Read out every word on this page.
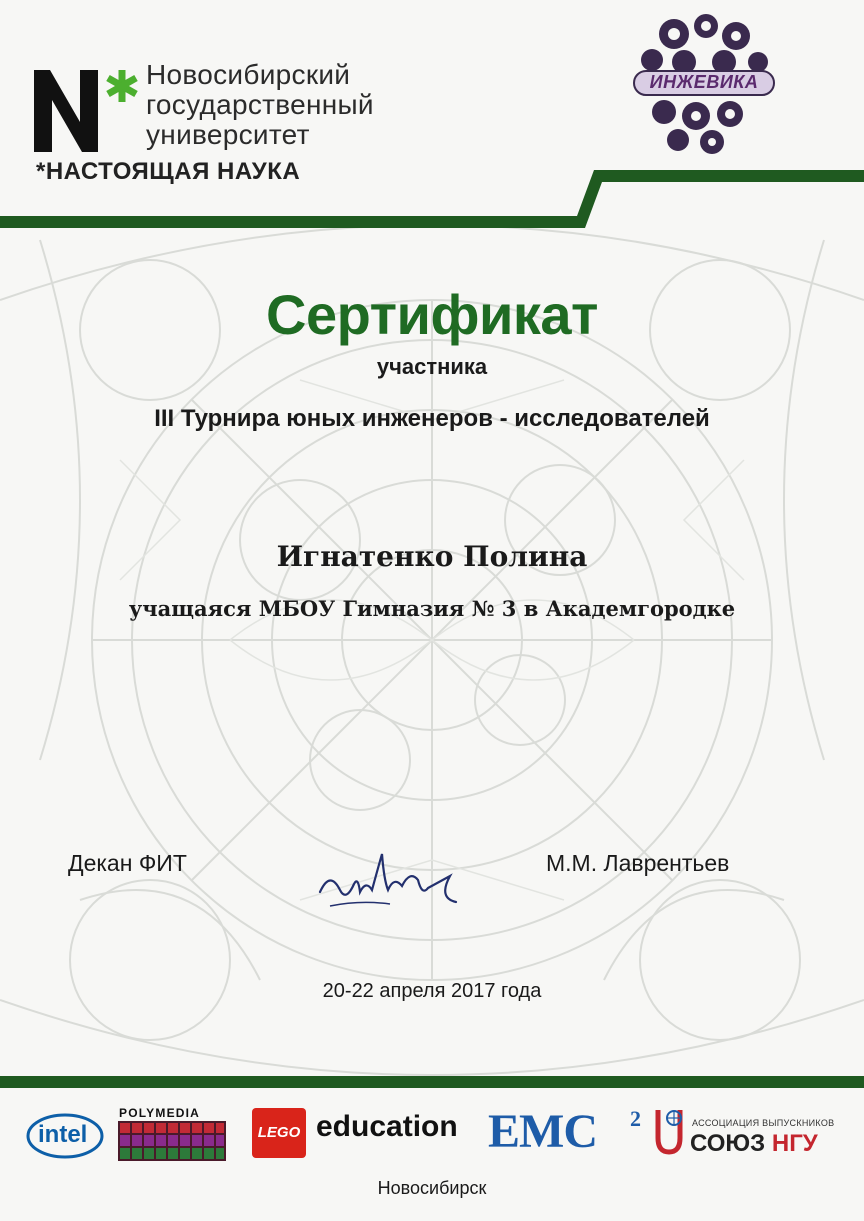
Новосибирский
государственный
университет
*НАСТОЯЩАЯ НАУКА
ИНЖЕВИКА
Сертификат
участника
III Турнира юных инженеров - исследователей
Игнатенко Полина
учащаяся МБОУ Гимназия № 3 в Академгородке
Декан ФИТ	М.М. Лаврентьев
20-22 апреля 2017 года
intel
POLYMEDIA
LEGO education EMC 2	АССОЦИАЦИЯ ВЫПУСКНИКОВ
СОЮЗ НГУ
Новосибирск
